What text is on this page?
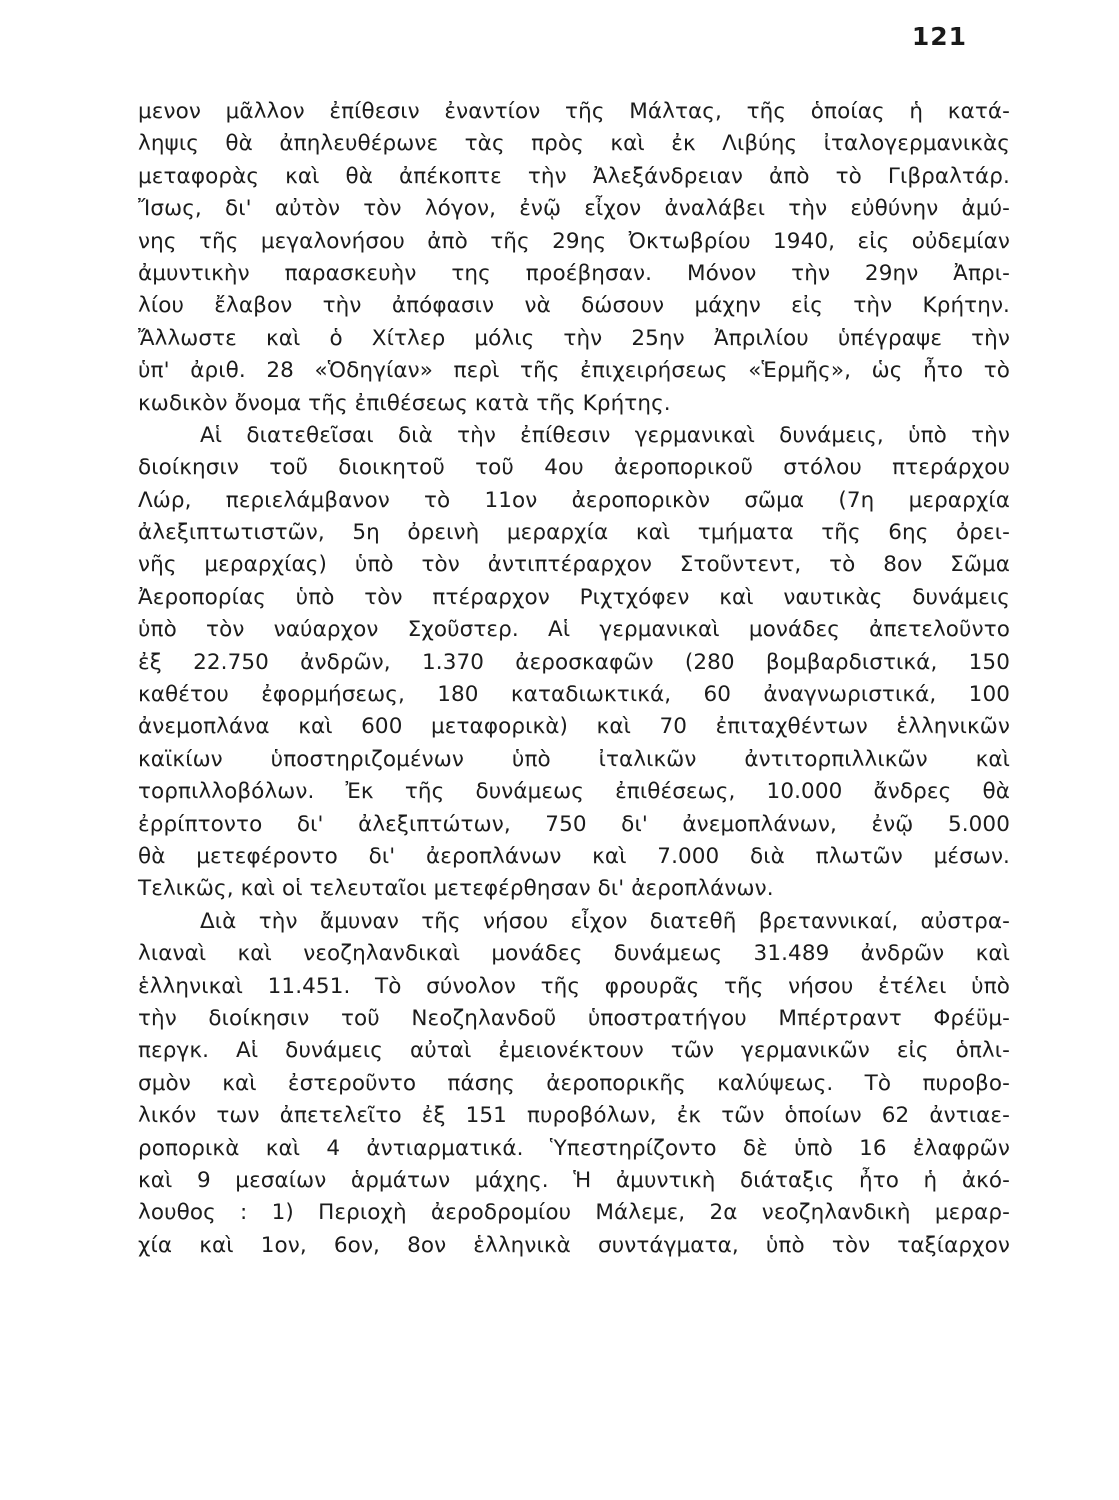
121
μενον μᾶλλον ἐπίθεσιν ἐναντίον τῆς Μάλτας, τῆς ὁποίας ἡ κατά-
ληψις θὰ ἀπηλευθέρωνε τὰς πρὸς καὶ ἐκ Λιβύης ἰταλογερμανικὰς
μεταφορὰς καὶ θὰ ἀπέκοπτε τὴν Ἀλεξάνδρειαν ἀπὸ τὸ Γιβραλτάρ.
Ἴσως, δι' αὐτὸν τὸν λόγον, ἐνῷ εἶχον ἀναλάβει τὴν εὐθύνην ἀμύ-
νης τῆς μεγαλονήσου ἀπὸ τῆς 29ης Ὀκτωβρίου 1940, εἰς οὐδεμίαν
ἀμυντικὴν παρασκευὴν της προέβησαν. Μόνον τὴν 29ην Ἀπρι-
λίου ἔλαβον τὴν ἀπόφασιν νὰ δώσουν μάχην εἰς τὴν Κρήτην.
Ἄλλωστε καὶ ὁ Χίτλερ μόλις τὴν 25ην Ἀπριλίου ὑπέγραψε τὴν
ὑπ' ἀριθ. 28 «Ὁδηγίαν» περὶ τῆς ἐπιχειρήσεως «Ἑρμῆς», ὡς ἦτο τὸ
κωδικὸν ὄνομα τῆς ἐπιθέσεως κατὰ τῆς Κρήτης.
Αἱ διατεθεῖσαι διὰ τὴν ἐπίθεσιν γερμανικαὶ δυνάμεις, ὑπὸ τὴν
διοίκησιν τοῦ διοικητοῦ τοῦ 4ου ἀεροπορικοῦ στόλου πτεράρχου
Λώρ, περιελάμβανον τὸ 11ον ἀεροπορικὸν σῶμα (7η μεραρχία
ἀλεξιπτωτιστῶν, 5η ὀρεινὴ μεραρχία καὶ τμήματα τῆς 6ης ὀρει-
νῆς μεραρχίας) ὑπὸ τὸν ἀντιπτέραρχον Στοῦντεντ, τὸ 8ον Σῶμα
Ἀεροπορίας ὑπὸ τὸν πτέραρχον Ριχτχόφεν καὶ ναυτικὰς δυνάμεις
ὑπὸ τὸν ναύαρχον Σχοῦστερ. Αἱ γερμανικαὶ μονάδες ἀπετελοῦντο
ἐξ 22.750 ἀνδρῶν, 1.370 ἀεροσκαφῶν (280 βομβαρδιστικά, 150
καθέτου ἐφορμήσεως, 180 καταδιωκτικά, 60 ἀναγνωριστικά, 100
ἀνεμοπλάνα καὶ 600 μεταφορικὰ) καὶ 70 ἐπιταχθέντων ἑλληνικῶν
καϊκίων ὑποστηριζομένων ὑπὸ ἰταλικῶν ἀντιτορπιλλικῶν καὶ
τορπιλλοβόλων. Ἐκ τῆς δυνάμεως ἐπιθέσεως, 10.000 ἄνδρες θὰ
ἐρρίπτοντο δι' ἀλεξιπτώτων, 750 δι' ἀνεμοπλάνων, ἐνῷ 5.000
θὰ μετεφέροντο δι' ἀεροπλάνων καὶ 7.000 διὰ πλωτῶν μέσων.
Τελικῶς, καὶ οἱ τελευταῖοι μετεφέρθησαν δι' ἀεροπλάνων.
Διὰ τὴν ἄμυναν τῆς νήσου εἶχον διατεθῆ βρεταννικαί, αὐστρα-
λιαναὶ καὶ νεοζηλανδικαὶ μονάδες δυνάμεως 31.489 ἀνδρῶν καὶ
ἑλληνικαὶ 11.451. Τὸ σύνολον τῆς φρουρᾶς τῆς νήσου ἐτέλει ὑπὸ
τὴν διοίκησιν τοῦ Νεοζηλανδοῦ ὑποστρατήγου Μπέρτραντ Φρέϋμ-
περγκ. Αἱ δυνάμεις αὐταὶ ἐμειονέκτουν τῶν γερμανικῶν εἰς ὁπλι-
σμὸν καὶ ἐστεροῦντο πάσης ἀεροπορικῆς καλύψεως. Τὸ πυροβο-
λικόν των ἀπετελεῖτο ἐξ 151 πυροβόλων, ἐκ τῶν ὁποίων 62 ἀντιαε-
ροπορικὰ καὶ 4 ἀντιαρματικά. Ὑπεστηρίζοντο δὲ ὑπὸ 16 ἐλαφρῶν
καὶ 9 μεσαίων ἁρμάτων μάχης. Ἡ ἀμυντικὴ διάταξις ἦτο ἡ ἀκό-
λουθος : 1) Περιοχὴ ἀεροδρομίου Μάλεμε, 2α νεοζηλανδικὴ μεραρ-
χία καὶ 1ον, 6ον, 8ον ἑλληνικὰ συντάγματα, ὑπὸ τὸν ταξίαρχον
